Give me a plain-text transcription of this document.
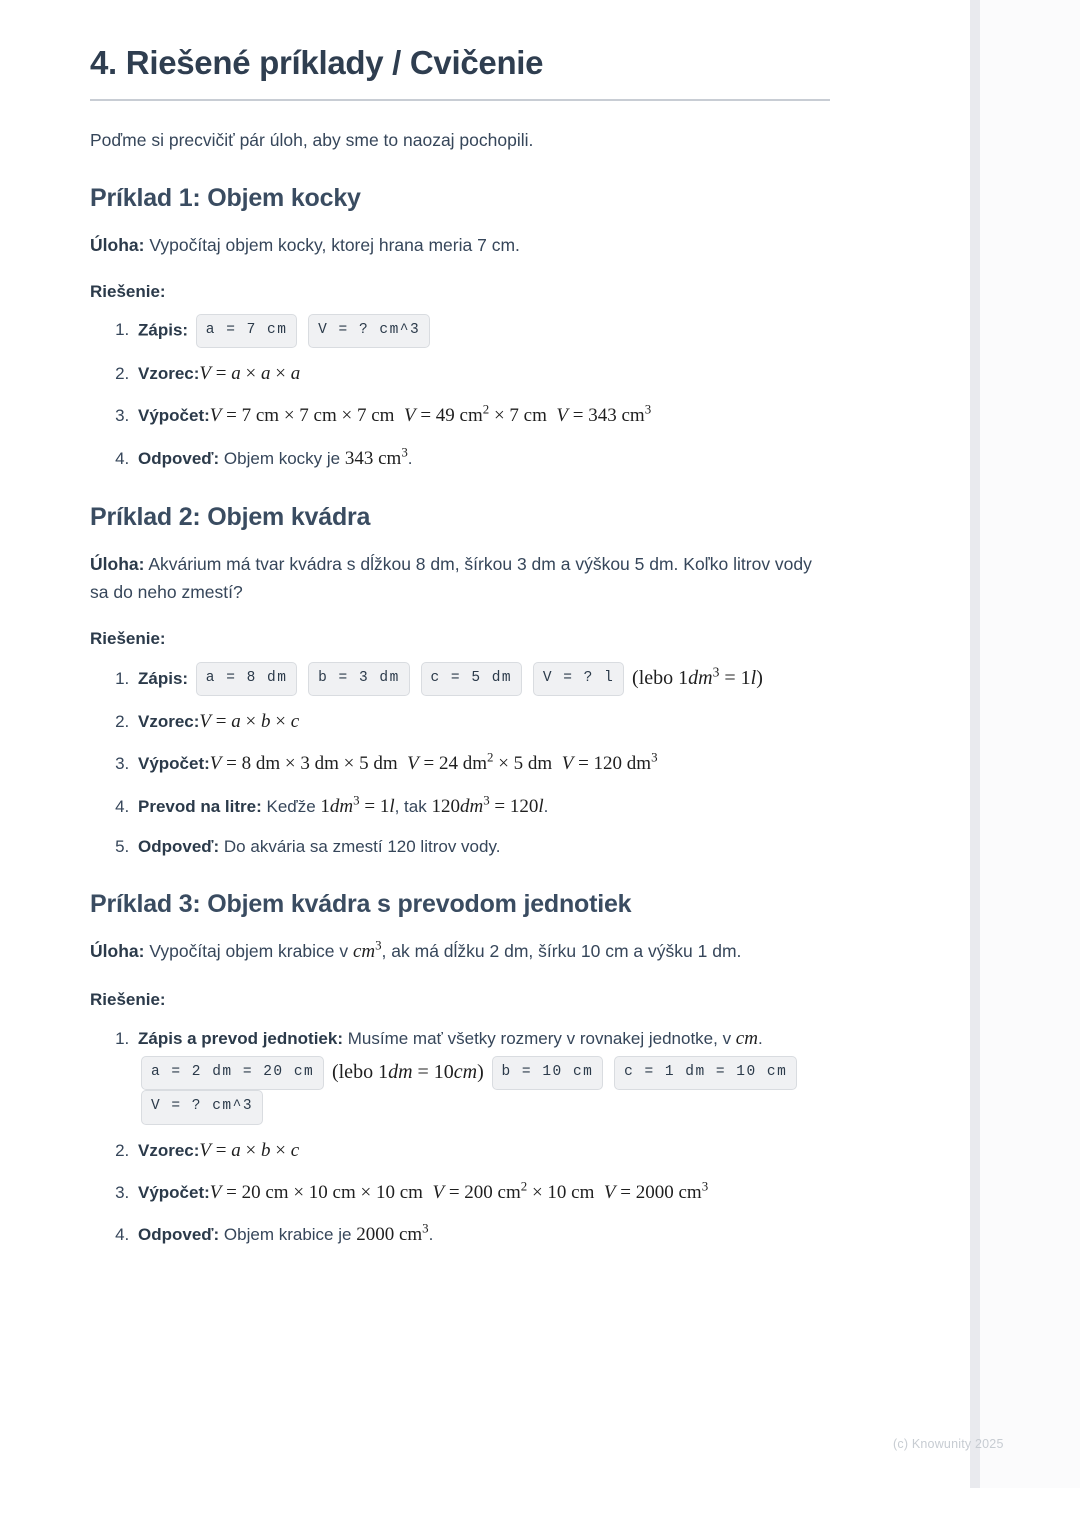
4. Riešené príklady / Cvičenie

Poďme si precvičiť pár úloh, aby sme to naozaj pochopili.

Príklad 1: Objem kocky

Úloha: Vypočítaj objem kocky, ktorej hrana meria 7 cm.

Riešenie:

1. Zápis: a = 7 cm V = ? cm^3
2. Vzorec:V = a × a × a
3. Výpočet:V = 7 cm × 7 cm × 7 cm  V = 49 $cm^2 \times 7$ cm  V = 343 $cm^3$
4. Odpoveď: Objem kocky je 343 $cm^3$.
Príklad 2: Objem kvádra

Úloha: Akvárium má tvar kvádra s dĺžkou 8 dm, šírkou 3 dm a výškou 5 dm. Koľko litrov vody sa do neho zmestí?

Riešenie:

1. Zápis: a = 8 dm b = 3 dm c = 5 dm V = ? l (lebo $1dm^3 = 1l$)
2. Vzorec:V = a × b × c
3. Výpočet:V = 8 dm × 3 dm × 5 dm  V = 24 $dm^2 \times 5$ dm  V = 120 $dm^3$
4. Prevod na litre: Keďže $1dm^3 = 1l$, tak $120dm^3 = 120l$.
5. Odpoveď: Do akvária sa zmestí 120 litrov vody.
Príklad 3: Objem kvádra s prevodom jednotiek

Úloha: Vypočítaj objem krabice v $cm^3$, ak má dĺžku 2 dm, šírku 10 cm a výšku 1 dm.

Riešenie:

1. Zápis a prevod jednotiek: Musíme mať všetky rozmery v rovnakej jednotke, v cm. a = 2 dm = 20 cm (lebo 1dm = 10cm) b = 10 cm c = 1 dm = 10 cm V = ? cm^3
2. Vzorec:V = a × b × c
3. Výpočet:V = 20 cm × 10 cm × 10 cm  V = 200 $cm^2 \times 10$ cm  V = 2000 $cm^3$
4. Odpoveď: Objem krabice je 2000 $cm^3$.
(c) Knowunity 2025
